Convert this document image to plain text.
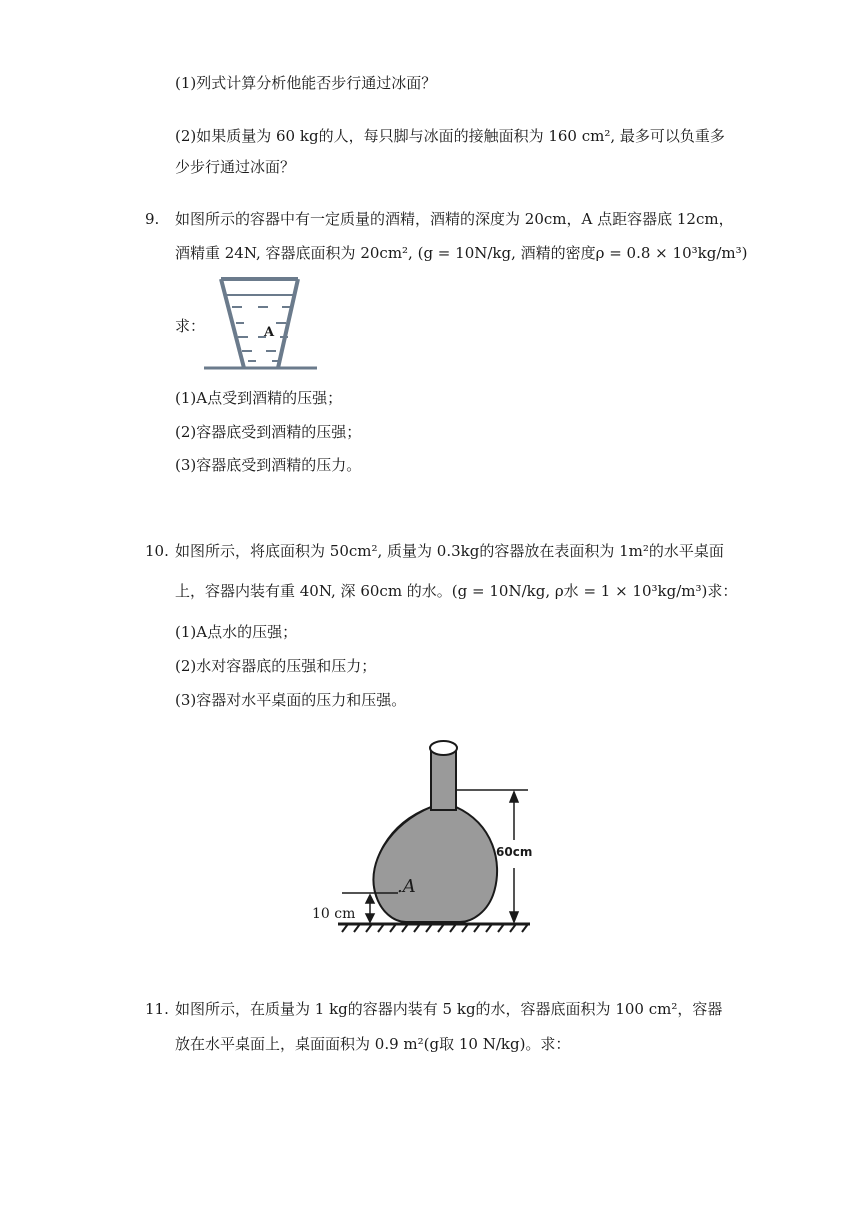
(1)列式计算分析他能否步行通过冰面？
(2)如果质量为 60 kg的人，每只脚与冰面的接触面积为 160 cm², 最多可以负重多
少步行通过冰面？
9. 如图所示的容器中有一定质量的酒精，酒精的深度为 20cm，A 点距容器底 12cm，
酒精重 24N, 容器底面积为 20cm², (g = 10N/kg, 酒精的密度ρ = 0.8 × 10³kg/m³)
求：	A
(1)A点受到酒精的压强；
(2)容器底受到酒精的压强；
(3)容器底受到酒精的压力。
10. 如图所示，将底面积为 50cm², 质量为 0.3kg的容器放在表面积为 1m²的水平桌面
上，容器内装有重 40N, 深 60cm 的水。(g = 10N/kg, ρ水 = 1 × 10³kg/m³)求：
(1)A点水的压强；
(2)水对容器底的压强和压力；
(3)容器对水平桌面的压力和压强。
60cm
10 cm
.A
11. 如图所示，在质量为 1 kg的容器内装有 5 kg的水，容器底面积为 100 cm²，容器
放在水平桌面上，桌面面积为 0.9 m²(g取 10 N/kg)。求：
